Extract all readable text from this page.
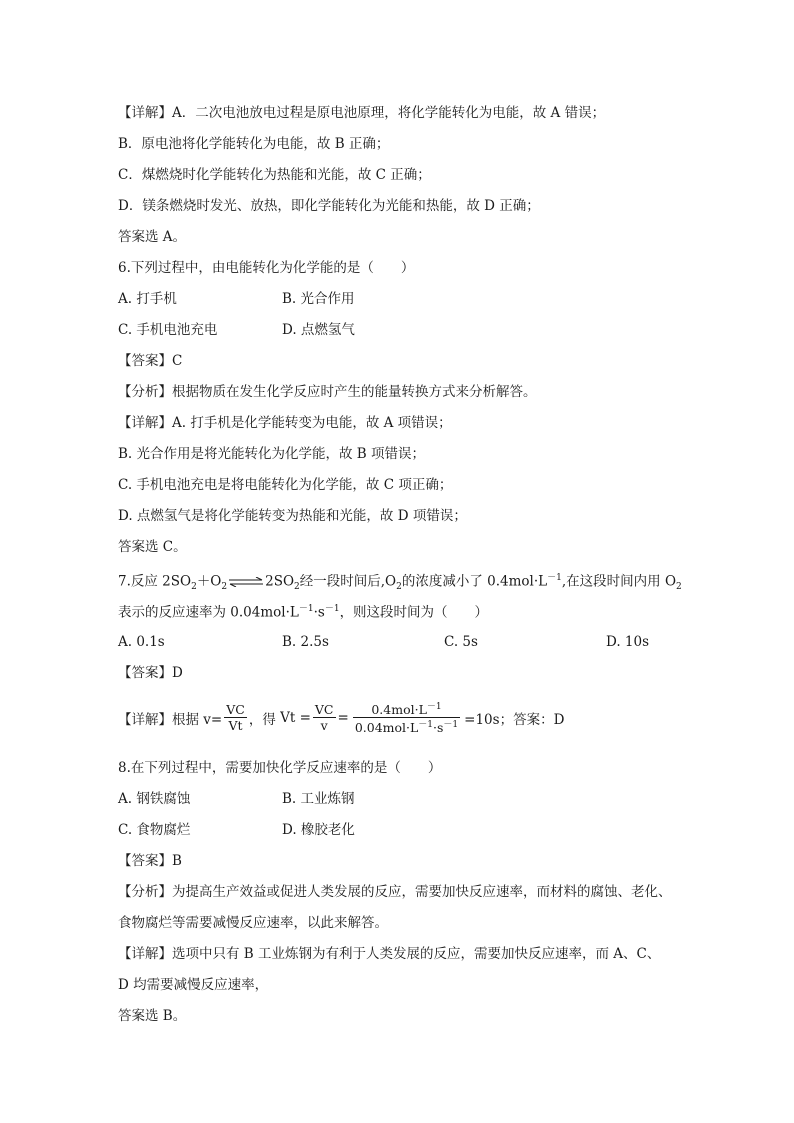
【详解】A．二次电池放电过程是原电池原理，将化学能转化为电能，故 A 错误；
B．原电池将化学能转化为电能，故 B 正确；
C．煤燃烧时化学能转化为热能和光能，故 C 正确；
D．镁条燃烧时发光、放热，即化学能转化为光能和热能，故 D 正确；
答案选 A。
6.下列过程中，由电能转化为化学能的是（　　）
A. 打手机	B. 光合作用
C. 手机电池充电	D. 点燃氢气
【答案】C
【分析】根据物质在发生化学反应时产生的能量转换方式来分析解答。
【详解】A. 打手机是化学能转变为电能，故 A 项错误；
B. 光合作用是将光能转化为化学能，故 B 项错误；
C. 手机电池充电是将电能转化为化学能，故 C 项正确；
D. 点燃氢气是将化学能转变为热能和光能，故 D 项错误；
答案选 C。
7.反应 $2SO_2+O_2$ $\rightleftharpoons 2SO_2$经一段时间后$,O_2$的浓度减小了 $0.4mol\cdot L^{-1}$,在这段时间内用 $O_2$
表示的反应速率为 $0.04mol\cdot L^{-1}\cdot s^{-1}$，则这段时间为（　　）
A. 0.1s	B. 2.5s	C. 5s	D. 10s
【答案】D
【详解】根据 $v= \frac{VC}{Vt}$ ，得
$Vt = \frac{VC}{v} = \frac{0.4mol\cdot L^{-1}}{0.04mol\cdot L^{-1}\cdot s^{-1}} =10s$；答案：D
8.在下列过程中，需要加快化学反应速率的是（　　）
A. 钢铁腐蚀	B. 工业炼钢
C. 食物腐烂	D. 橡胶老化
【答案】B
【分析】为提高生产效益或促进人类发展的反应，需要加快反应速率，而材料的腐蚀、老化、
食物腐烂等需要减慢反应速率，以此来解答。
【详解】选项中只有 B 工业炼钢为有利于人类发展的反应，需要加快反应速率，而 A、C、
D 均需要减慢反应速率，
答案选 B。
